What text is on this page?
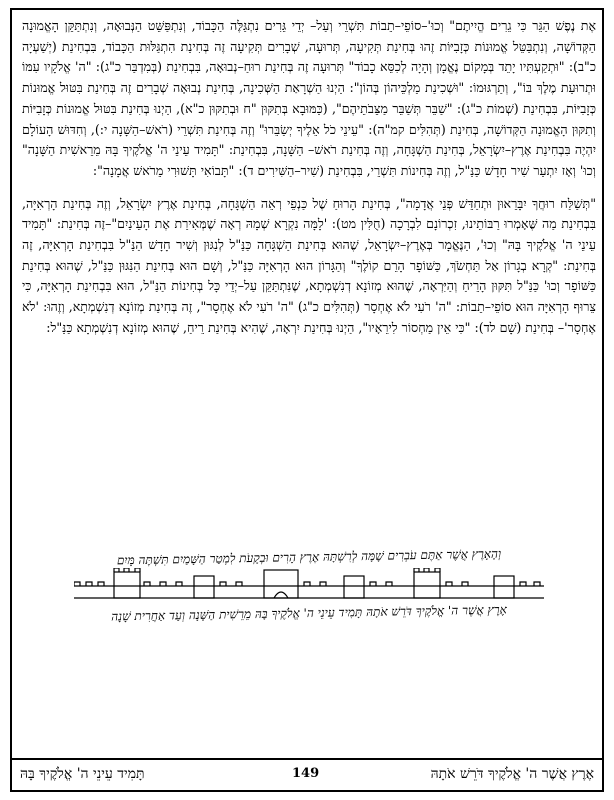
אֶת נֶפֶשׁ הַגֵּר כִּי גֵרִים הֱיִיתֶם" וְכוּ'–סוֹפֵי–תֵבוֹת תִּשְׁרֵי וְעַל– יְדֵי גֵּרִים נִתְגַּלֶּה הַכָּבוֹד, וְנִתְפַּשֵּׁט הַנְּבוּאָה, וְנִתְתַּקֵּן הָאֱמוּנָה הַקְּדוֹשָׁה, וְנִתְבַּטֵּל אֱמוּנוֹת כְּזָבִיּוֹת זֶהוּ בְּחִינַת תְּקִיעָה, תְּרוּעָה, שְׁבָרִים תְּקִיעָה זֶה בְּחִינַת הִתְגַּלּוּת הַכָּבוֹד, בִּבְחִינַת (יְשַׁעְיָה כ"ב): "וּתְקַעְתִּיו יָתֵד בְּמָקוֹם נֶאֱמָן וְהָיָה לְכִסֵּא כָבוֹד" תְּרוּעָה זֶה בְּחִינַת רוּחַ–נְבוּאָה, בִּבְחִינַת (בְּמִדְבַּר כ"ג): "ה' אֱלֹקָיו עִמּוֹ וּתְרוּעַת מֶלֶךְ בּוֹ", וְתַרְגּוּמוֹ: "וּשְׁכִינַת מַלְכֵּיהוֹן בְּהוֹן": הַיְנוּ הַשְׁרָאַת הַשְּׁכִינָה, בְּחִינַת נְבוּאָה שְׁבָרִים זֶה בְּחִינַת בִּטּוּל אֱמוּנוֹת כְּזָבִיּוֹת, בִּבְחִינַת (שְׁמוֹת כ"ג): "שַׁבֵּר תְּשַׁבֵּר מַצֵּבֹתֵיהֶם", (כַּמּוּבָא בְּתִקּוּן "ח וּבְתִקּוּן כ"א), הַיְנוּ בְּחִינַת בִּטּוּל אֱמוּנוֹת כְּזָבִיּוֹת וְתִקּוּן הָאֱמוּנָה הַקְּדוֹשָׁה, בְּחִינַת (תְּהִלִּים קמ"ה): "עֵינֵי כֹל אֵלֶיךָ יְשַׂבֵּרוּ" וְזֶה בְּחִינַת תִּשְׁרֵי (רֹאשׁ–הַשָּׁנָה י:), וְחִדּוּשׁ הָעוֹלָם יִהְיֶה בִּבְחִינַת אֶרֶץ–יִשְׂרָאֵל, בְּחִינַת הַשְׁגָּחָה, וְזֶה בְּחִינַת רֹאשׁ– הַשָּׁנָה, בִּבְחִינַת: "תָּמִיד עֵינֵי ה' אֱלֹקֶיךָ בָּהּ מֵרֵאשִׁית הַשָּׁנָה" וְכוּ' וְאָז יִתְעַר שִׁיר חָדָשׁ כַּנַּ"ל, וְזֶה בְּחִינוֹת תִּשְׁרֵי, בִּבְחִינַת (שִׁיר–הַשִּׁירִים ד): "תָּבוֹאִי תָּשׁוּרִי מֵרֹאשׁ אֲמָנָה":

"תְּשַׁלַּח רוּחֲךָ יִבָּרֵאוּן וּתְחַדֵּשׁ פְּנֵי אֲדָמָה", בְּחִינַת הָרוּחַ שֶׁל כַּנְפֵי רְאֵה הַשְׁגָּחָה, בְּחִינַת אֶרֶץ יִשְׂרָאֵל, וְזֶה בְּחִינַת הָרְאִיָּה, בִּבְחִינַת מַה שֶּׁאָמְרוּ רַבּוֹתֵינוּ, זִכְרוֹנָם לִבְרָכָה (חֻלִּין מט): 'לָמָּה נִקְרָא שְׁמָהּ רְאָה שֶׁמְּאִירַת אֶת הָעֵינַיִם"–זֶה בְּחִינַת: "תָּמִיד עֵינֵי ה' אֱלֹקֶיךָ בָּהּ" וְכוּ', הַנֶּאֱמָר בְּאֶרֶץ–יִשְׂרָאֵל, שֶׁהוּא בְּחִינַת הַשְׁגָּחָה כַּנַּ"ל לְנִגּוּן וְשִׁיר חָדָשׁ הַנַּ"ל בִּבְחִינַת הָרְאִיָּה, זֶה בְּחִינַת: "קְרָא בְגָרוֹן אַל תַּחְשֹׂךְ, כַּשּׁוֹפָר הָרֵם קוֹלֶךָ" וְהַגָּרוֹן הוּא הָרְאִיָּה כַּנַּ"ל, וְשָׁם הוּא בְּחִינַת הַנִּגּוּן כַּנַּ"ל, שֶׁהוּא בְּחִינַת כַּשּׁוֹפָר וְכוּ' כַּנַּ"ל תִּקּוּן הָרֵיחַ וְהַיִּרְאָה, שֶׁהוּא מְזוֹנָא דְנִשְׁמְתָא, שֶׁנִּתְתַּקֵּן עַל–יְדֵי כָּל בְּחִינוֹת הַנַּ"ל, הוּא בִּבְחִינַת הָרְאִיָּה, כִּי צֵרוּף הָרְאִיָּה הוּא סוֹפֵי–תֵבוֹת: "ה' רֹעִי לֹא אֶחְסָר (תְּהִלִּים כ"ג) "ה' רֹעִי לֹא אֶחְסָר", זֶה בְּחִינַת מְזוֹנָא דְנִשְׁמְתָא, וְזֶהוּ: 'לֹא אֶחְסָר'– בְּחִינַת (שָׁם לד): "כִּי אֵין מַחְסוֹר לִירֵאָיו", הַיְנוּ בְּחִינַת יִרְאָה, שֶׁהִיא בְּחִינַת רֵיחַ, שֶׁהוּא מְזוֹנָא דְנִשְׁמְתָא כַּנַּ"ל:

וְהָאָרֶץ אֲשֶׁר אַתֶּם עֹבְרִים שָׁמָּה לְרִשְׁתָּהּ אֶרֶץ הָרִים וּבְקָעֹת לִמְטַר הַשָּׁמַיִם תִּשְׁתֶּה מָּיִם
אֶרֶץ אֲשֶׁר ה' אֱלֹקֶיךָ דֹּרֵשׁ אֹתָהּ תָּמִיד עֵינֵי ה' אֱלֹקֶיךָ בָּהּ מֵרֵשִׁית הַשָּׁנָה וְעַד אַחֲרִית שָׁנָה
אֶרֶץ אֲשֶׁר ה' אֱלֹקֶיךָ דֹּרֵשׁ אֹתָהּ
149
תָּמִיד עֵינֵי ה' אֱלֹקֶיךָ בָּהּ
